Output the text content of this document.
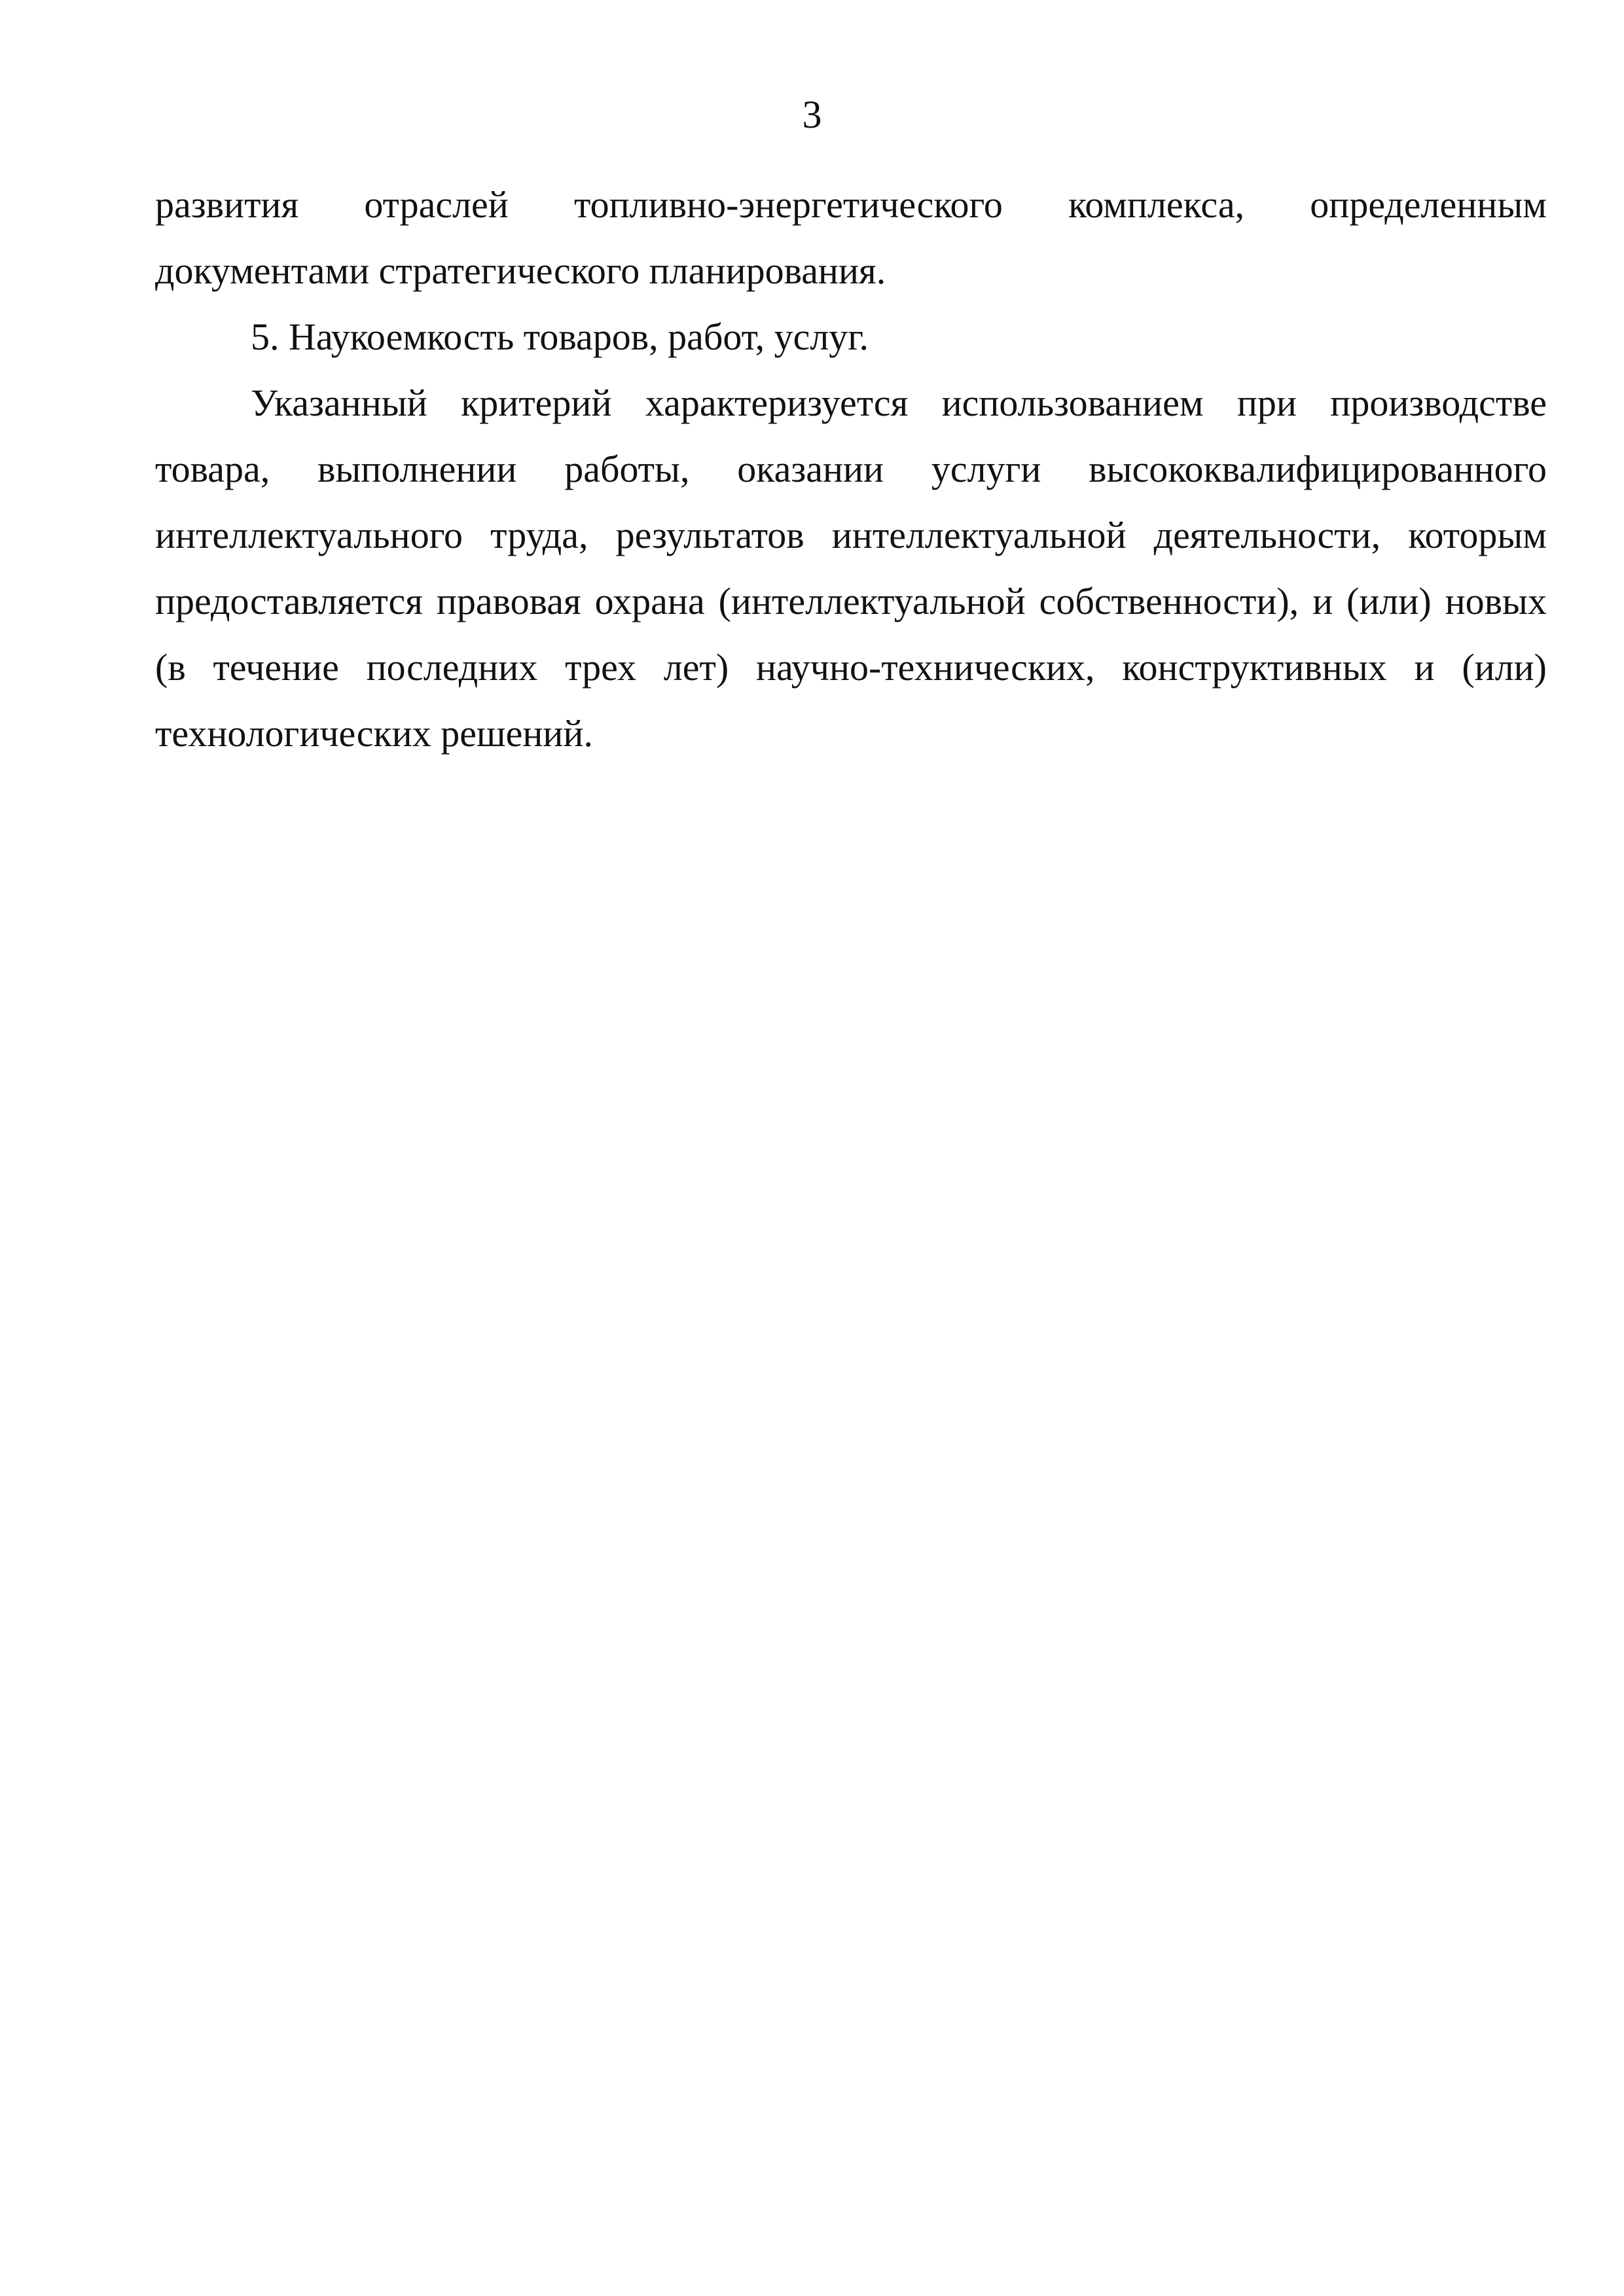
3
развития отраслей топливно-энергетического комплекса, определенным
документами стратегического планирования.
5. Наукоемкость товаров, работ, услуг.
Указанный критерий характеризуется использованием при производстве
товара, выполнении работы, оказании услуги высококвалифицированного
интеллектуального труда, результатов интеллектуальной деятельности, которым
предоставляется правовая охрана (интеллектуальной собственности), и (или) новых
(в течение последних трех лет) научно-технических, конструктивных и (или)
технологических решений.
